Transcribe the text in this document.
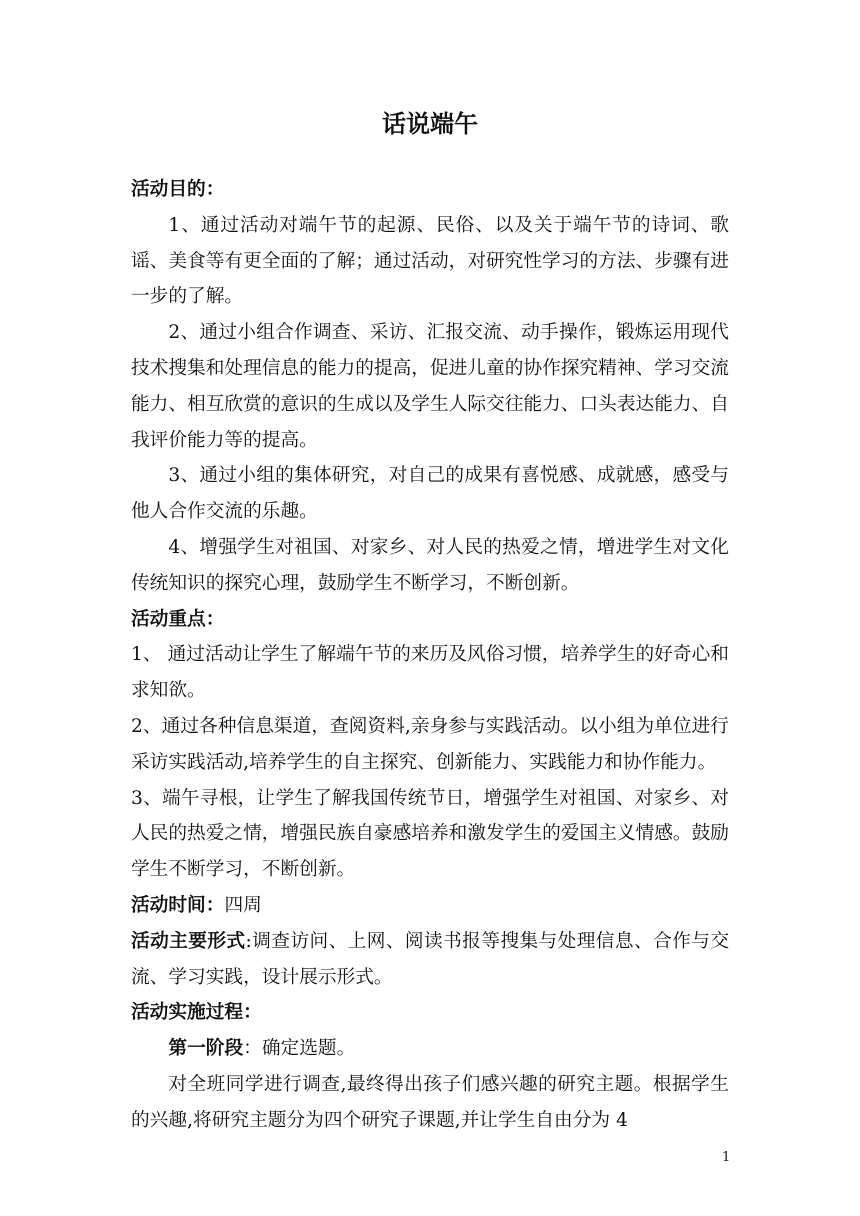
话说端午

活动目的：

1、通过活动对端午节的起源、民俗、以及关于端午节的诗词、歌谣、美食等有更全面的了解；通过活动，对研究性学习的方法、步骤有进一步的了解。

2、通过小组合作调查、采访、汇报交流、动手操作，锻炼运用现代技术搜集和处理信息的能力的提高，促进儿童的协作探究精神、学习交流能力、相互欣赏的意识的生成以及学生人际交往能力、口头表达能力、自我评价能力等的提高。

3、通过小组的集体研究，对自己的成果有喜悦感、成就感，感受与他人合作交流的乐趣。

4、增强学生对祖国、对家乡、对人民的热爱之情，增进学生对文化传统知识的探究心理，鼓励学生不断学习，不断创新。

活动重点：

1、 通过活动让学生了解端午节的来历及风俗习惯，培养学生的好奇心和求知欲。

2、通过各种信息渠道，查阅资料,亲身参与实践活动。以小组为单位进行采访实践活动,培养学生的自主探究、创新能力、实践能力和协作能力。

3、端午寻根，让学生了解我国传统节日，增强学生对祖国、对家乡、对人民的热爱之情，增强民族自豪感培养和激发学生的爱国主义情感。鼓励学生不断学习，不断创新。

活动时间：四周

活动主要形式:调查访问、上网、阅读书报等搜集与处理信息、合作与交流、学习实践，设计展示形式。

活动实施过程：

第一阶段：确定选题。

对全班同学进行调查,最终得出孩子们感兴趣的研究主题。根据学生的兴趣,将研究主题分为四个研究子课题,并让学生自由分为 4

1
